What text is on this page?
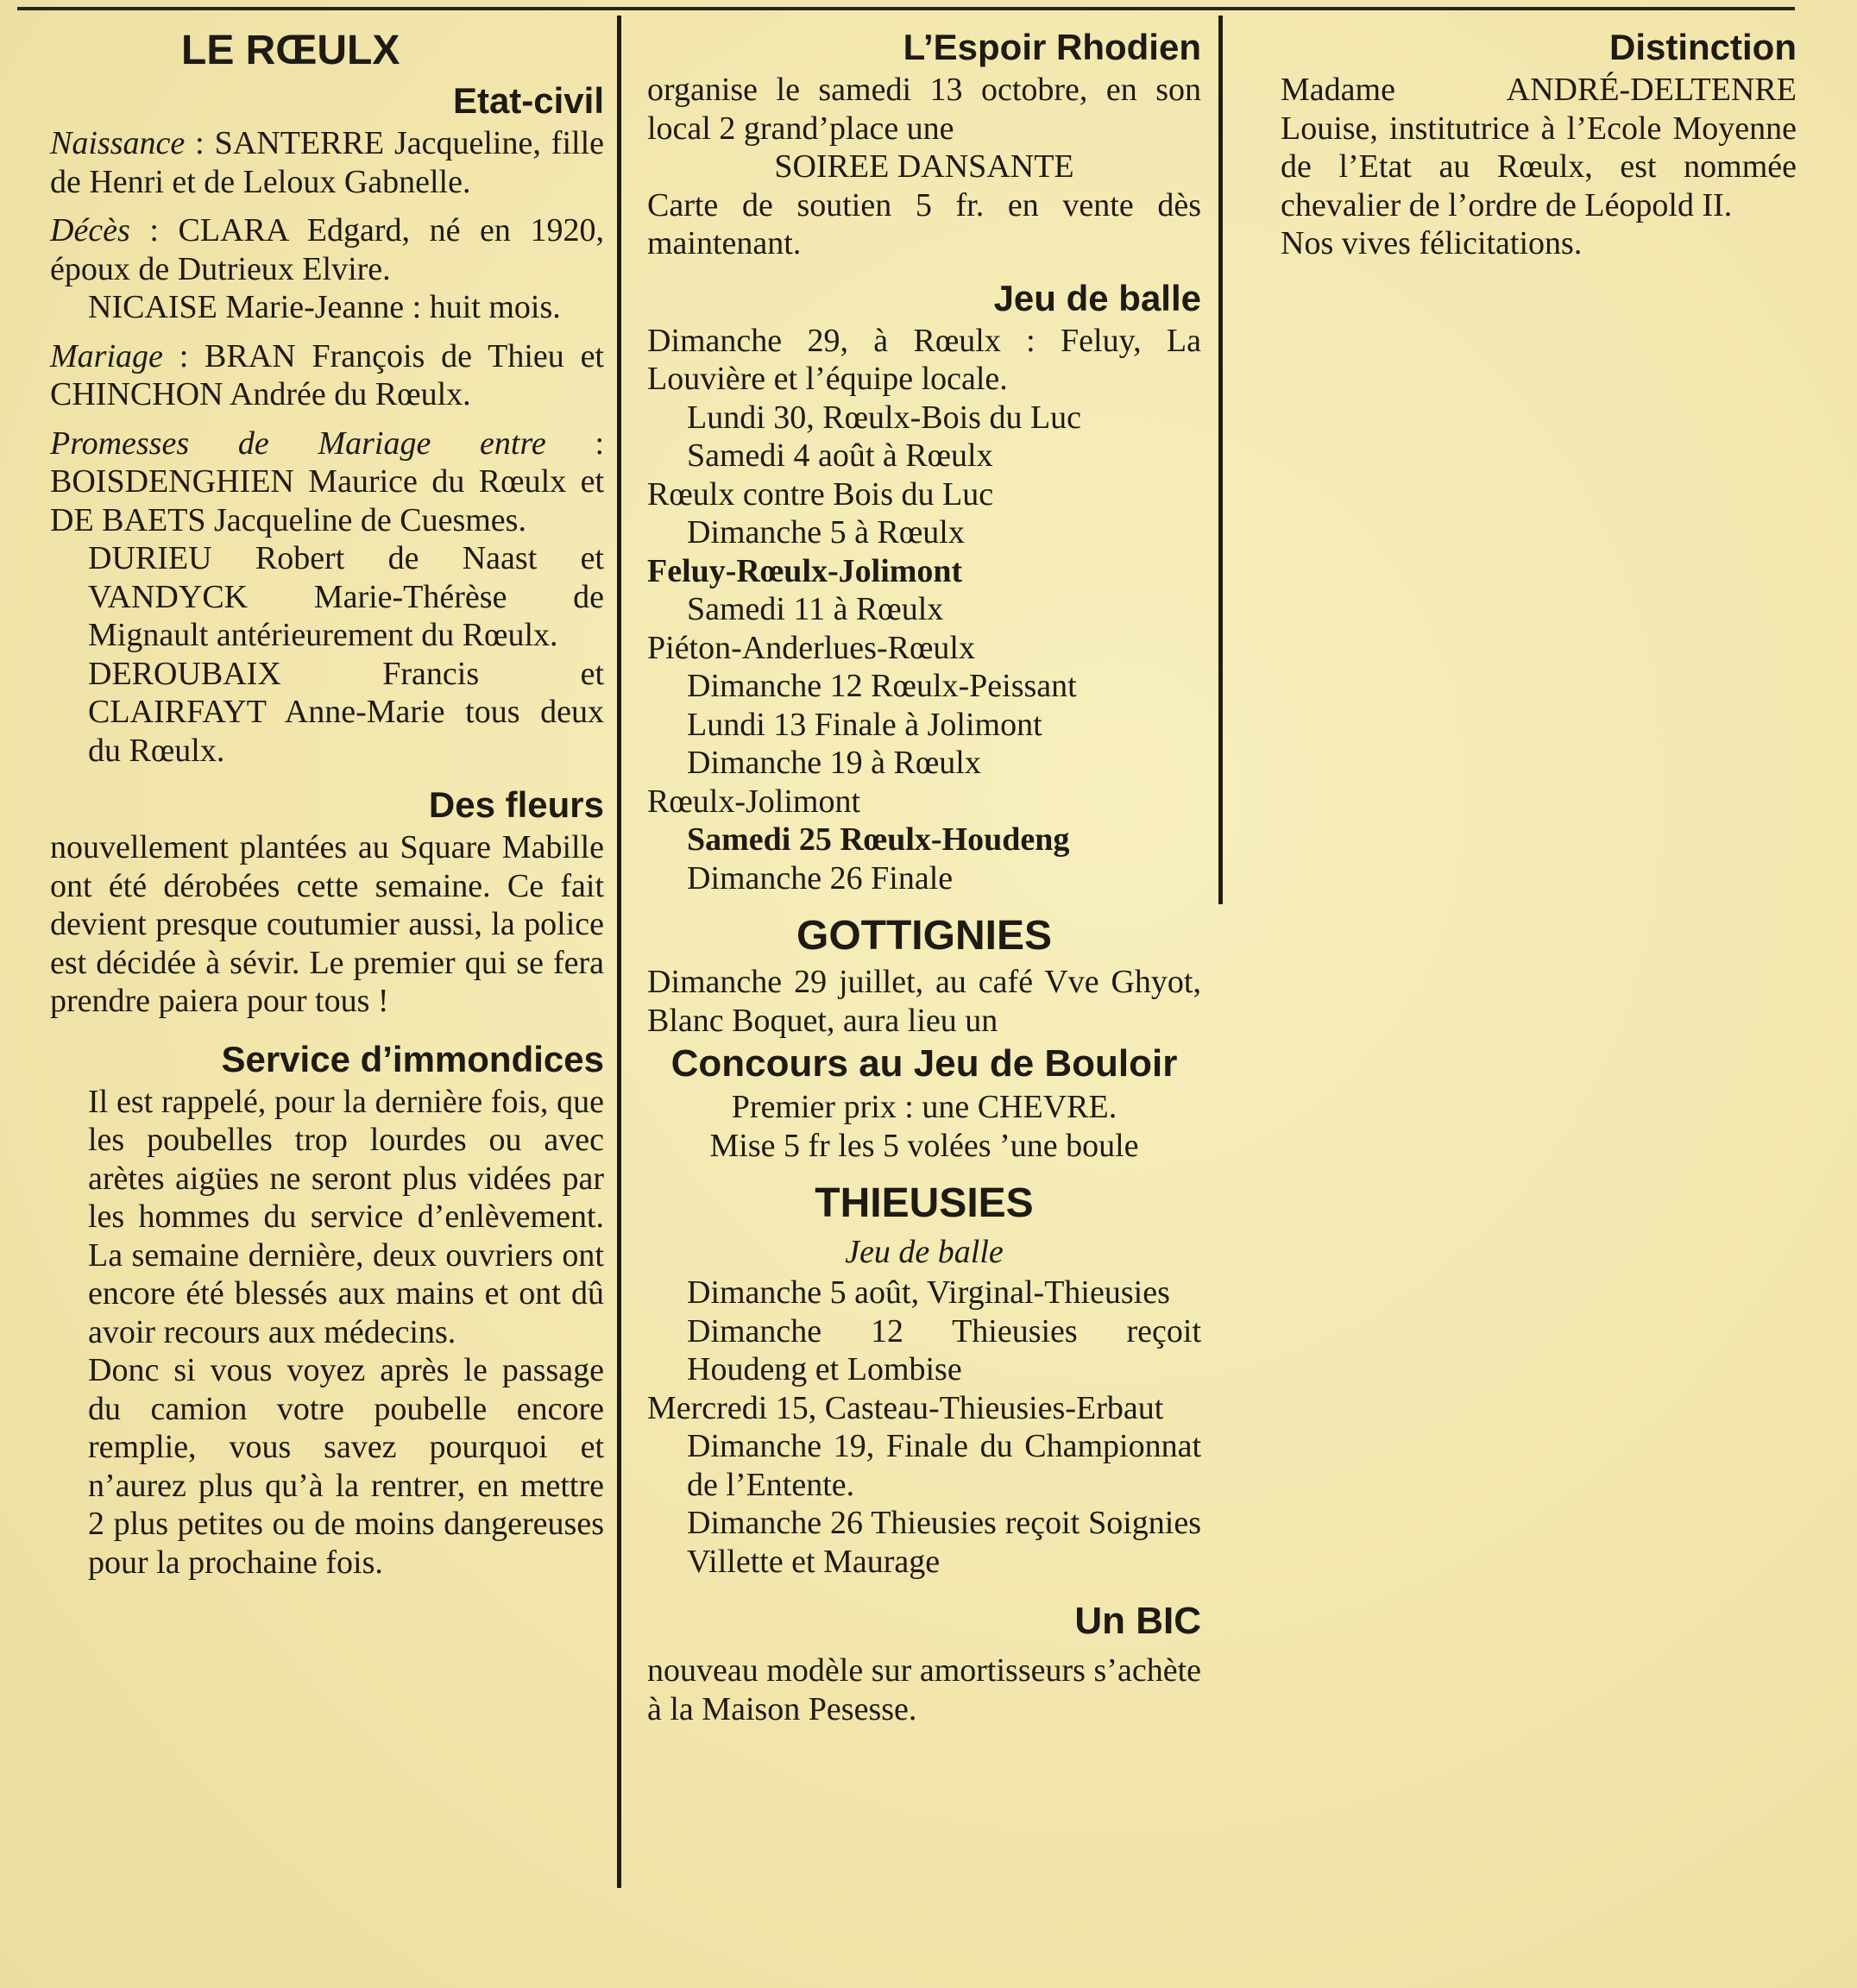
LE RŒULX
Etat-civil

Naissance : SANTERRE Jacqueline, fille de Henri et de Leloux Gabnelle.

Décès : CLARA Edgard, né en 1920, époux de Dutrieux Elvire.

NICAISE Marie-Jeanne : huit mois.

Mariage : BRAN François de Thieu et CHINCHON Andrée du Rœulx.

Promesses de Mariage entre : BOISDENGHIEN Maurice du Rœulx et DE BAETS Jacqueline de Cuesmes.

DURIEU Robert de Naast et VANDYCK Marie-Thérèse de Mignault antérieurement du Rœulx.

DEROUBAIX Francis et CLAIRFAYT Anne-Marie tous deux du Rœulx.

Des fleurs

nouvellement plantées au Square Mabille ont été dérobées cette semaine. Ce fait devient presque coutumier aussi, la police est décidée à sévir. Le premier qui se fera prendre paiera pour tous !

Service d’immondices

Il est rappelé, pour la dernière fois, que les poubelles trop lourdes ou avec arètes aigües ne seront plus vidées par les hommes du service d’enlèvement. La semaine dernière, deux ouvriers ont encore été blessés aux mains et ont dû avoir recours aux médecins.

Donc si vous voyez après le passage du camion votre poubelle encore remplie, vous savez pourquoi et n’aurez plus qu’à la rentrer, en mettre 2 plus petites ou de moins dangereuses pour la prochaine fois.

L’Espoir Rhodien

organise le samedi 13 octobre, en son local 2 grand’place une

SOIREE DANSANTE

Carte de soutien 5 fr. en vente dès maintenant.

Jeu de balle

Dimanche 29, à Rœulx : Feluy, La Louvière et l’équipe locale.

Lundi 30, Rœulx-Bois du Luc

Samedi 4 août à Rœulx

Rœulx contre Bois du Luc

Dimanche 5 à Rœulx

Feluy-Rœulx-Jolimont

Samedi 11 à Rœulx

Piéton-Anderlues-Rœulx

Dimanche 12 Rœulx-Peissant

Lundi 13 Finale à Jolimont

Dimanche 19 à Rœulx

Rœulx-Jolimont

Samedi 25 Rœulx-Houdeng

Dimanche 26 Finale

GOTTIGNIES

Dimanche 29 juillet, au café Vve Ghyot, Blanc Boquet, aura lieu un

Concours au Jeu de Bouloir

Premier prix : une CHEVRE.

Mise 5 fr les 5 volées ’une boule

THIEUSIES
Jeu de balle

Dimanche 5 août, Virginal-Thieusies

Dimanche 12 Thieusies reçoit Houdeng et Lombise

Mercredi 15, Casteau-Thieusies-Erbaut

Dimanche 19, Finale du Championnat de l’Entente.

Dimanche 26 Thieusies reçoit Soignies Villette et Maurage

Un BIC

nouveau modèle sur amortisseurs s’achète à la Maison Pesesse.

Distinction

Madame ANDRÉ-DELTENRE Louise, institutrice à l’Ecole Moyenne de l’Etat au Rœulx, est nommée chevalier de l’ordre de Léopold II.

Nos vives félicitations.
